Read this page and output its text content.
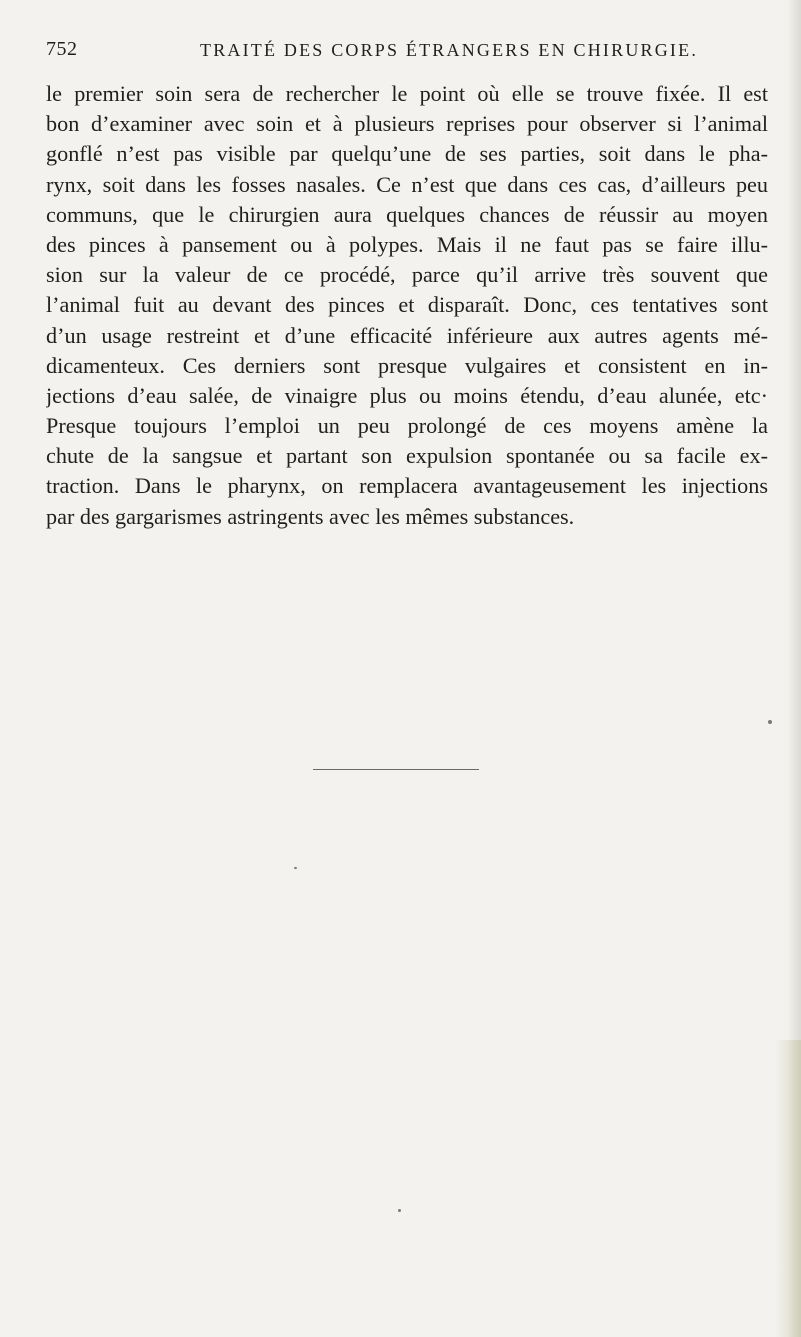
752	TRAITÉ DES CORPS ÉTRANGERS EN CHIRURGIE.
le premier soin sera de rechercher le point où elle se trouve fixée. Il est
bon d’examiner avec soin et à plusieurs reprises pour observer si l’animal
gonflé n’est pas visible par quelqu’une de ses parties, soit dans le pha-
rynx, soit dans les fosses nasales. Ce n’est que dans ces cas, d’ailleurs peu
communs, que le chirurgien aura quelques chances de réussir au moyen
des pinces à pansement ou à polypes. Mais il ne faut pas se faire illu-
sion sur la valeur de ce procédé, parce qu’il arrive très souvent que
l’animal fuit au devant des pinces et disparaît. Donc, ces tentatives sont
d’un usage restreint et d’une efficacité inférieure aux autres agents mé-
dicamenteux. Ces derniers sont presque vulgaires et consistent en in-
jections d’eau salée, de vinaigre plus ou moins étendu, d’eau alunée, etc·
Presque toujours l’emploi un peu prolongé de ces moyens amène la
chute de la sangsue et partant son expulsion spontanée ou sa facile ex-
traction. Dans le pharynx, on remplacera avantageusement les injections
par des gargarismes astringents avec les mêmes substances.
